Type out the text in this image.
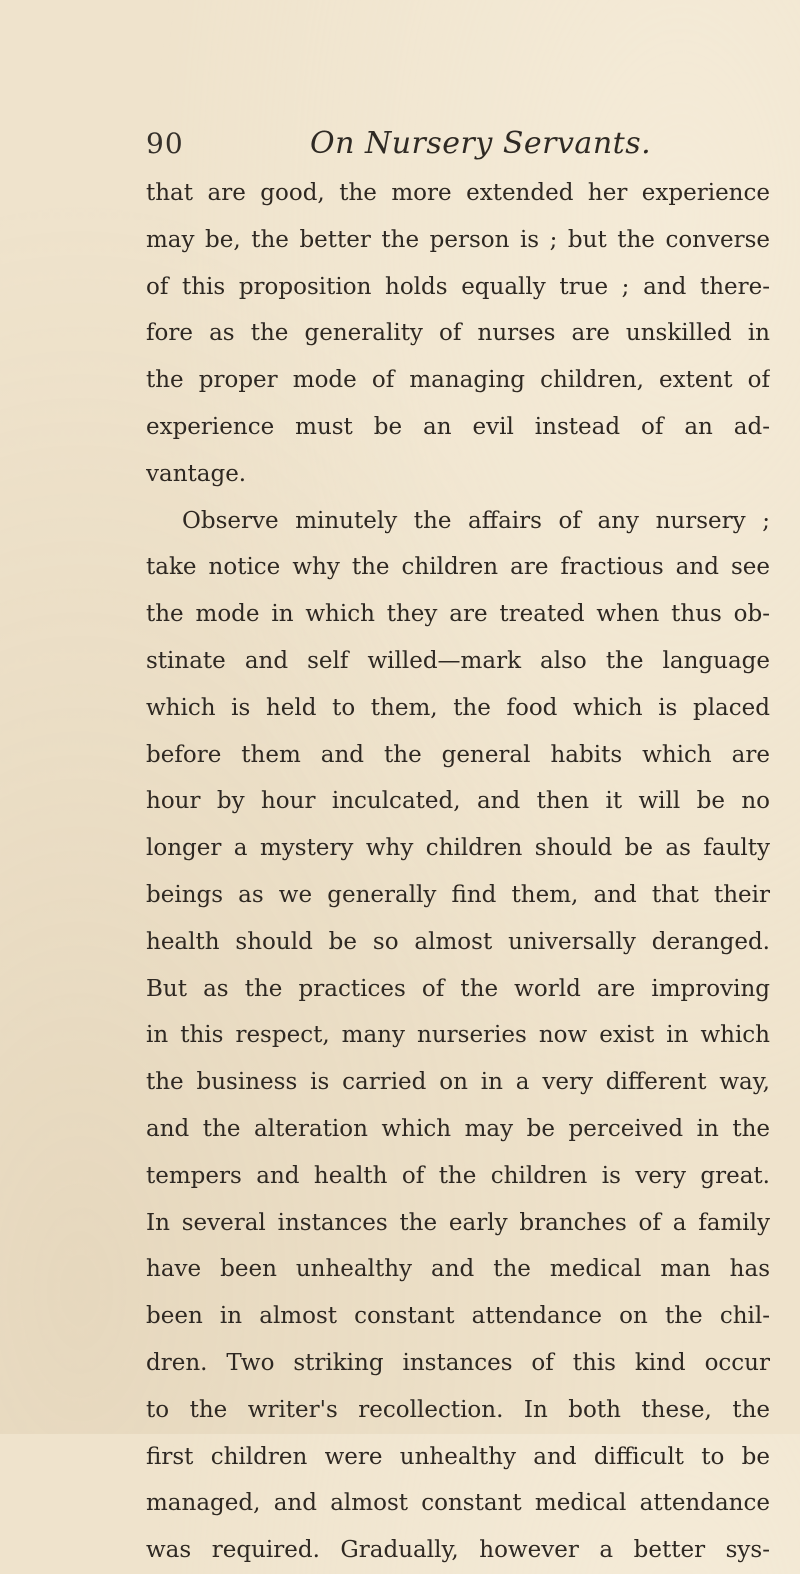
90	On Nursery Servants.
that are good, the more extended her experience
may be, the better the person is ; but the converse
of this proposition holds equally true ; and there-
fore as the generality of nurses are unskilled in
the proper mode of managing children, extent of
experience must be an evil instead of an ad-
vantage.
Observe minutely the affairs of any nursery ;
take notice why the children are fractious and see
the mode in which they are treated when thus ob-
stinate and self willed—mark also the language
which is held to them, the food which is placed
before them and the general habits which are
hour by hour inculcated, and then it will be no
longer a mystery why children should be as faulty
beings as we generally find them, and that their
health should be so almost universally deranged.
But as the practices of the world are improving
in this respect, many nurseries now exist in which
the business is carried on in a very different way,
and the alteration which may be perceived in the
tempers and health of the children is very great.
In several instances the early branches of a family
have been unhealthy and the medical man has
been in almost constant attendance on the chil-
dren. Two striking instances of this kind occur
to the writer's recollection. In both these, the
first children were unhealthy and difficult to be
managed, and almost constant medical attendance
was required. Gradually, however a better sys-
